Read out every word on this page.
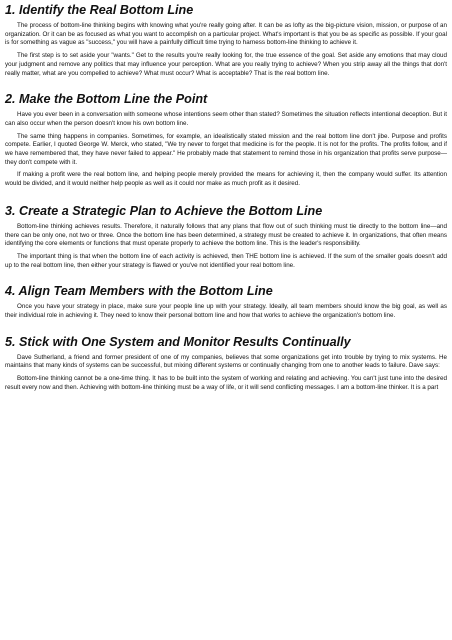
1. Identify the Real Bottom Line

The process of bottom-line thinking begins with knowing what you're really going after. It can be as lofty as the big-picture vision, mission, or purpose of an organization. Or it can be as focused as what you want to accomplish on a particular project. What's important is that you be as specific as possible. If your goal is for something as vague as "success," you will have a painfully difficult time trying to harness bottom-line thinking to achieve it.

The first step is to set aside your "wants." Get to the results you're really looking for, the true essence of the goal. Set aside any emotions that may cloud your judgment and remove any politics that may influence your perception. What are you really trying to achieve? When you strip away all the things that don't really matter, what are you compelled to achieve? What must occur? What is acceptable? That is the real bottom line.

2. Make the Bottom Line the Point

Have you ever been in a conversation with someone whose intentions seem other than stated? Sometimes the situation reflects intentional deception. But it can also occur when the person doesn't know his own bottom line.

The same thing happens in companies. Sometimes, for example, an idealistically stated mission and the real bottom line don't jibe. Purpose and profits compete. Earlier, I quoted George W. Merck, who stated, "We try never to forget that medicine is for the people. It is not for the profits. The profits follow, and if we have remembered that, they have never failed to appear." He probably made that statement to remind those in his organization that profits serve purpose—they don't compete with it.

If making a profit were the real bottom line, and helping people merely provided the means for achieving it, then the company would suffer. Its attention would be divided, and it would neither help people as well as it could nor make as much profit as it desired.

3. Create a Strategic Plan to Achieve the Bottom Line

Bottom-line thinking achieves results. Therefore, it naturally follows that any plans that flow out of such thinking must tie directly to the bottom line—and there can be only one, not two or three. Once the bottom line has been determined, a strategy must be created to achieve it. In organizations, that often means identifying the core elements or functions that must operate properly to achieve the bottom line. This is the leader's responsibility.

The important thing is that when the bottom line of each activity is achieved, then THE bottom line is achieved. If the sum of the smaller goals doesn't add up to the real bottom line, then either your strategy is flawed or you've not identified your real bottom line.

4. Align Team Members with the Bottom Line

Once you have your strategy in place, make sure your people line up with your strategy. Ideally, all team members should know the big goal, as well as their individual role in achieving it. They need to know their personal bottom line and how that works to achieve the organization's bottom line.

5. Stick with One System and Monitor Results Continually

Dave Sutherland, a friend and former president of one of my companies, believes that some organizations get into trouble by trying to mix systems. He maintains that many kinds of systems can be successful, but mixing different systems or continually changing from one to another leads to failure. Dave says:

Bottom-line thinking cannot be a one-time thing. It has to be built into the system of working and relating and achieving. You can't just tune into the desired result every now and then. Achieving with bottom-line thinking must be a way of life, or it will send conflicting messages. I am a bottom-line thinker. It is a part
